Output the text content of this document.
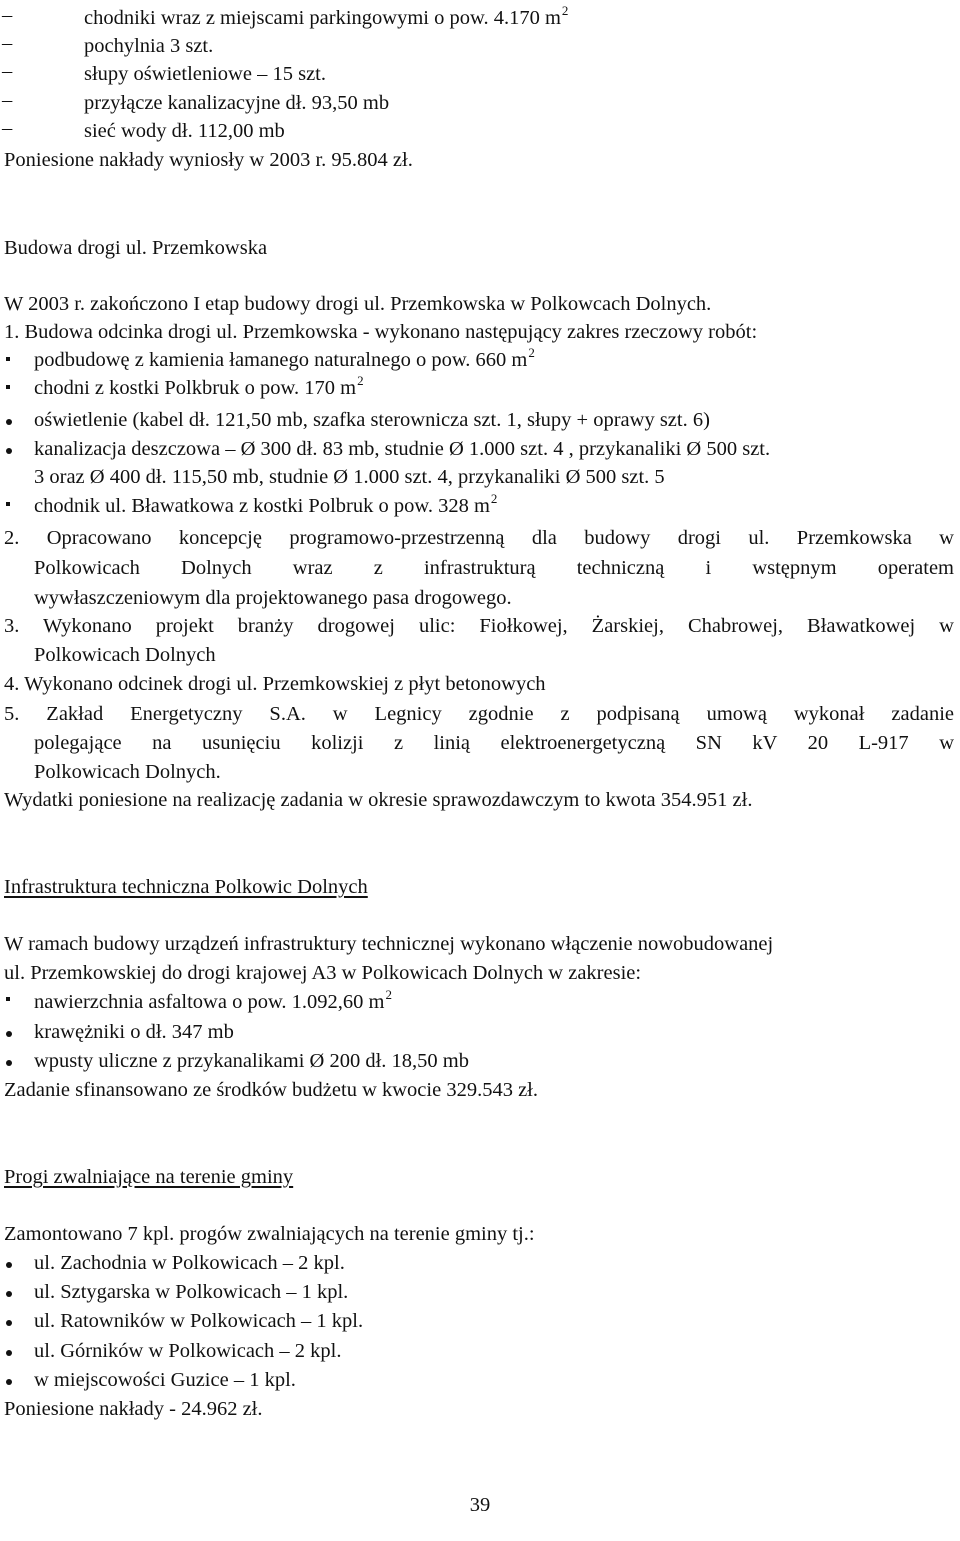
–
chodniki wraz z miejscami parkingowymi o pow. 4.170 $m^2$
–
pochylnia 3 szt.
–
słupy oświetleniowe – 15 szt.
–
przyłącze kanalizacyjne dł. 93,50 mb
–
sieć wody dł. 112,00 mb
Poniesione nakłady wyniosły w 2003 r. 95.804 zł.
Budowa drogi ul. Przemkowska
W 2003 r. zakończono I etap budowy drogi ul. Przemkowska w Polkowcach Dolnych.
1. Budowa odcinka drogi ul. Przemkowska - wykonano następujący zakres rzeczowy robót:
podbudowę z kamienia łamanego naturalnego o pow. 660 $m^2$
chodni z kostki Polkbruk o pow. 170 $m^2$
oświetlenie (kabel dł. 121,50 mb, szafka sterownicza szt. 1, słupy + oprawy szt. 6)
kanalizacja deszczowa – Ø 300 dł. 83 mb, studnie Ø 1.000 szt. 4 , przykanaliki Ø 500 szt.
3 oraz Ø 400 dł. 115,50 mb, studnie Ø 1.000 szt. 4, przykanaliki Ø 500 szt. 5
chodnik ul. Bławatkowa z kostki Polbruk o pow. 328 $m^2$
2. Opracowano koncepcję programowo-przestrzenną dla budowy drogi ul. Przemkowska w
Polkowicach Dolnych wraz z infrastrukturą techniczną i wstępnym operatem
wywłaszczeniowym dla projektowanego pasa drogowego.
3. Wykonano projekt branży drogowej ulic: Fiołkowej, Żarskiej, Chabrowej, Bławatkowej w
Polkowicach Dolnych
4. Wykonano odcinek drogi ul. Przemkowskiej z płyt betonowych
5. Zakład Energetyczny S.A. w Legnicy zgodnie z podpisaną umową wykonał zadanie
polegające na usunięciu kolizji z linią elektroenergetyczną SN kV 20 L-917 w
Polkowicach Dolnych.
Wydatki poniesione na realizację zadania w okresie sprawozdawczym to kwota 354.951 zł.
Infrastruktura techniczna Polkowic Dolnych
W ramach budowy urządzeń infrastruktury technicznej wykonano włączenie nowobudowanej
ul. Przemkowskiej do drogi krajowej A3 w Polkowicach Dolnych w zakresie:
nawierzchnia asfaltowa o pow. 1.092,60 $m^2$
krawężniki o dł. 347 mb
wpusty uliczne z przykanalikami Ø 200 dł. 18,50 mb
Zadanie sfinansowano ze środków budżetu w kwocie 329.543 zł.
Progi zwalniające na terenie gminy
Zamontowano 7 kpl. progów zwalniających na terenie gminy tj.:
ul. Zachodnia w Polkowicach – 2 kpl.
ul. Sztygarska w Polkowicach – 1 kpl.
ul. Ratowników w Polkowicach – 1 kpl.
ul. Górników w Polkowicach – 2 kpl.
w miejscowości Guzice – 1 kpl.
Poniesione nakłady - 24.962 zł.
39
